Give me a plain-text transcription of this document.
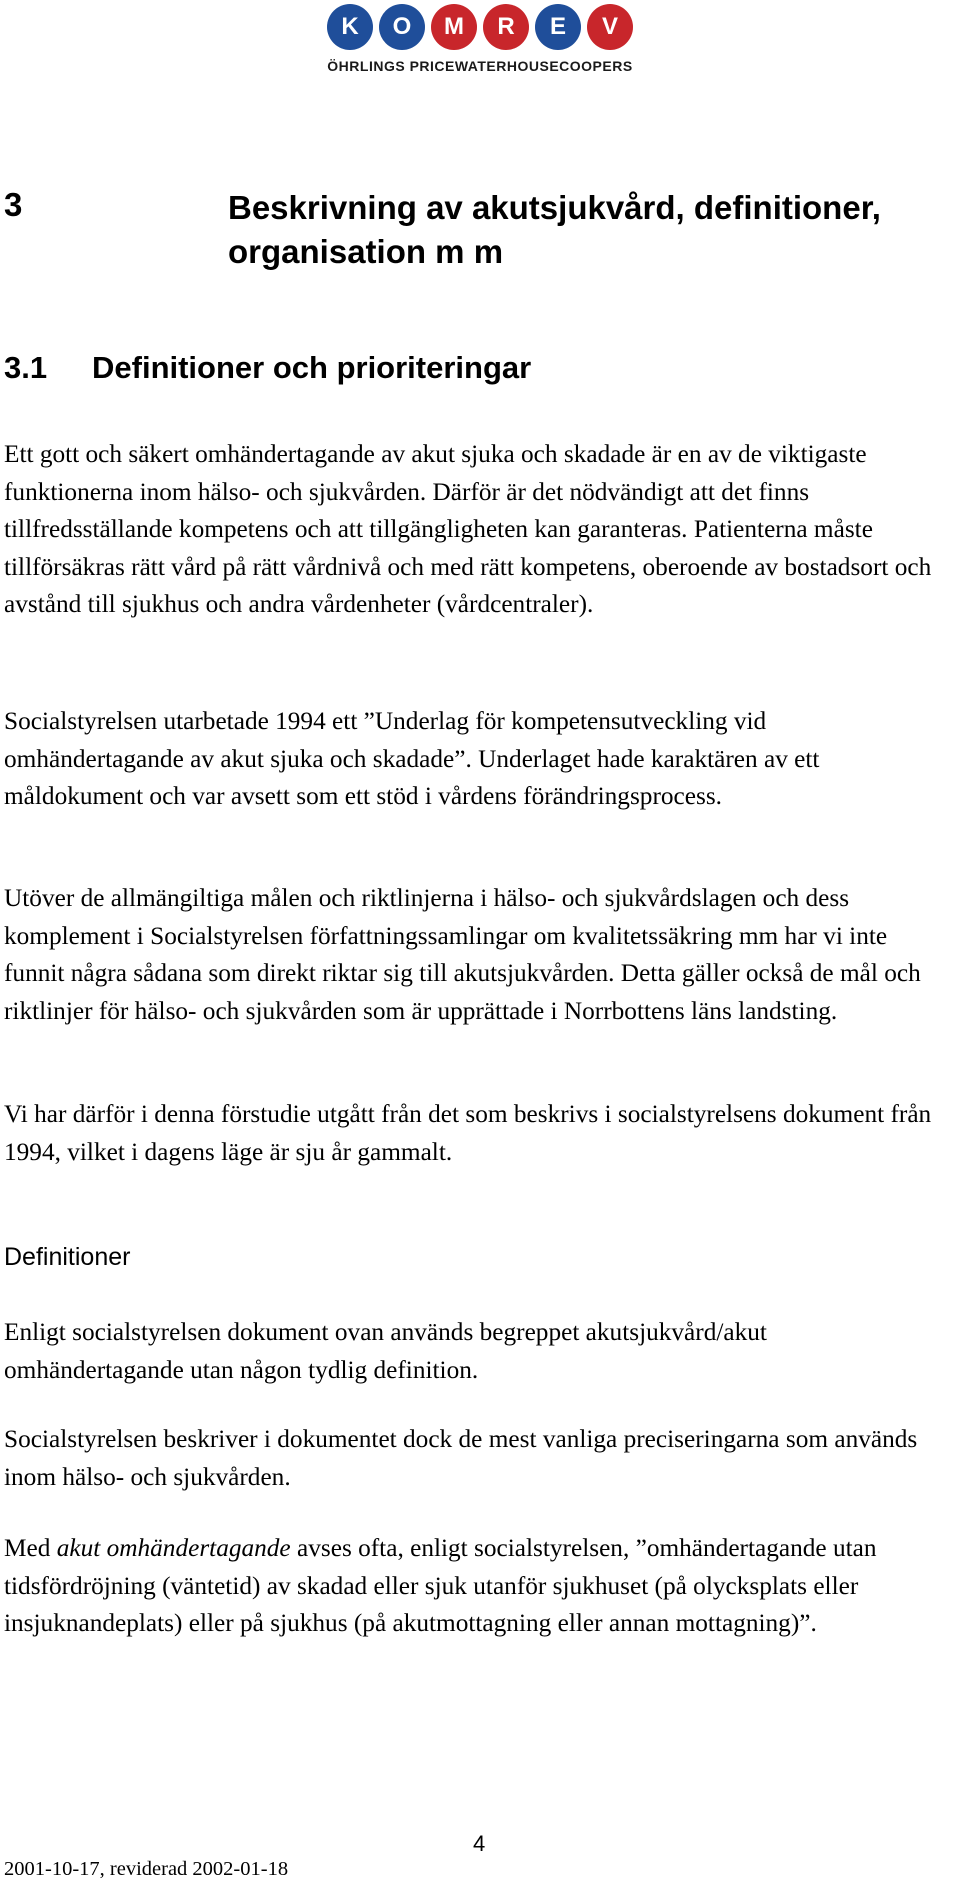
K	O	M	R	E	V
ÖHRLINGS PRICEWATERHOUSECOOPERS
3	Beskrivning av akutsjukvård, definitioner,
organisation m m
3.1 Definitioner och prioriteringar

Ett gott och säkert omhändertagande av akut sjuka och skadade är en av de viktigaste funktionerna inom hälso- och sjukvården. Därför är det nödvändigt att det finns tillfredsställande kompetens och att tillgängligheten kan garanteras. Patienterna måste tillförsäkras rätt vård på rätt vårdnivå och med rätt kompetens, oberoende av bostadsort och avstånd till sjukhus och andra vårdenheter (vårdcentraler).

Socialstyrelsen utarbetade 1994 ett ”Underlag för kompetensutveckling vid omhändertagande av akut sjuka och skadade”. Underlaget hade karaktären av ett måldokument och var avsett som ett stöd i vårdens förändringsprocess.

Utöver de allmängiltiga målen och riktlinjerna i hälso- och sjukvårdslagen och dess komplement i Socialstyrelsen författningssamlingar om kvalitetssäkring mm har vi inte funnit några sådana som direkt riktar sig till akutsjukvården. Detta gäller också de mål och riktlinjer för hälso- och sjukvården som är upprättade i Norrbottens läns landsting.

Vi har därför i denna förstudie utgått från det som beskrivs i socialstyrelsens dokument från 1994, vilket i dagens läge är sju år gammalt.

Definitioner

Enligt socialstyrelsen dokument ovan används begreppet akutsjukvård/akut omhändertagande utan någon tydlig definition.

Socialstyrelsen beskriver i dokumentet dock de mest vanliga preciseringarna som används inom hälso- och sjukvården.

Med akut omhändertagande avses ofta, enligt socialstyrelsen, ”omhändertagande utan tidsfördröjning (väntetid) av skadad eller sjuk utanför sjukhuset (på olycksplats eller insjuknandeplats) eller på sjukhus (på akutmottagning eller annan mottagning)”.

4
2001-10-17, reviderad 2002-01-18
